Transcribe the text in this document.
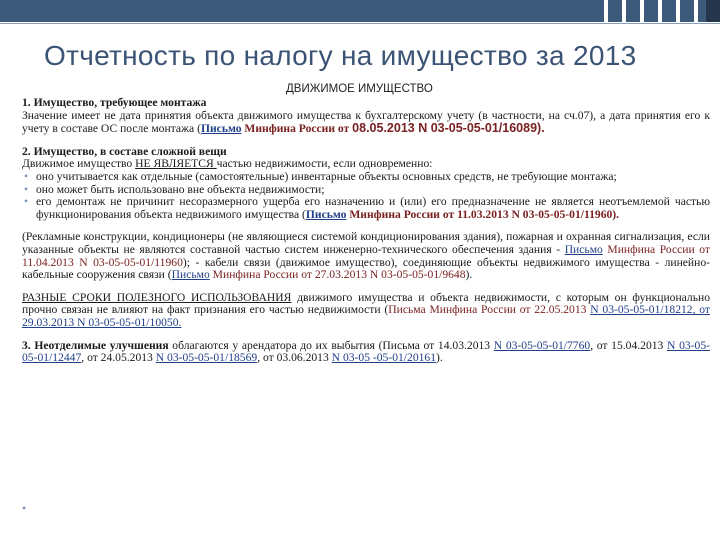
Отчетность по налогу на имущество за 2013
ДВИЖИМОЕ ИМУЩЕСТВО

1. Имущество, требующее монтажа

Значение имеет не дата принятия объекта движимого имущества к бухгалтерскому учету (в частности, на сч.07), а дата принятия его к учету в составе ОС после монтажа (Письмо Минфина России от 08.05.2013 N 03-05-05-01/16089).

2. Имущество, в составе сложной вещи

Движимое имущество НЕ ЯВЛЯЕТСЯ частью недвижимости, если одновременно:

• оно учитывается как отдельные (самостоятельные) инвентарные объекты основных средств, не требующие монтажа;
• оно может быть использовано вне объекта недвижимости;
• его демонтаж не причинит несоразмерного ущерба его назначению и (или) его предназначение не является неотъемлемой частью функционирования объекта недвижимого имущества (Письмо Минфина России от 11.03.2013 N 03-05-05-01/11960).

(Рекламные конструкции, кондиционеры (не являющиеся системой кондиционирования здания), пожарная и охранная сигнализация, если указанные объекты не являются составной частью систем инженерно-технического обеспечения здания - Письмо Минфина России от 11.04.2013 N 03-05-05-01/11960); - кабели связи (движимое имущество), соединяющие объекты недвижимого имущества - линейно-кабельные сооружения связи (Письмо Минфина России от 27.03.2013 N 03-05-05-01/9648).

РАЗНЫЕ СРОКИ ПОЛЕЗНОГО ИСПОЛЬЗОВАНИЯ движимого имущества и объекта недвижимости, с которым он функционально прочно связан не влияют на факт признания его частью недвижимости (Письма Минфина России от 22.05.2013 N 03-05-05-01/18212, от 29.03.2013 N 03-05-05-01/10050.

3. Неотделимые улучшения облагаются у арендатора до их выбытия (Письма от 14.03.2013 N 03-05-05-01/7760, от 15.04.2013 N 03-05-05-01/12447, от 24.05.2013 N 03-05-05-01/18569, от 03.06.2013 N 03-05 -05-01/20161).

•
